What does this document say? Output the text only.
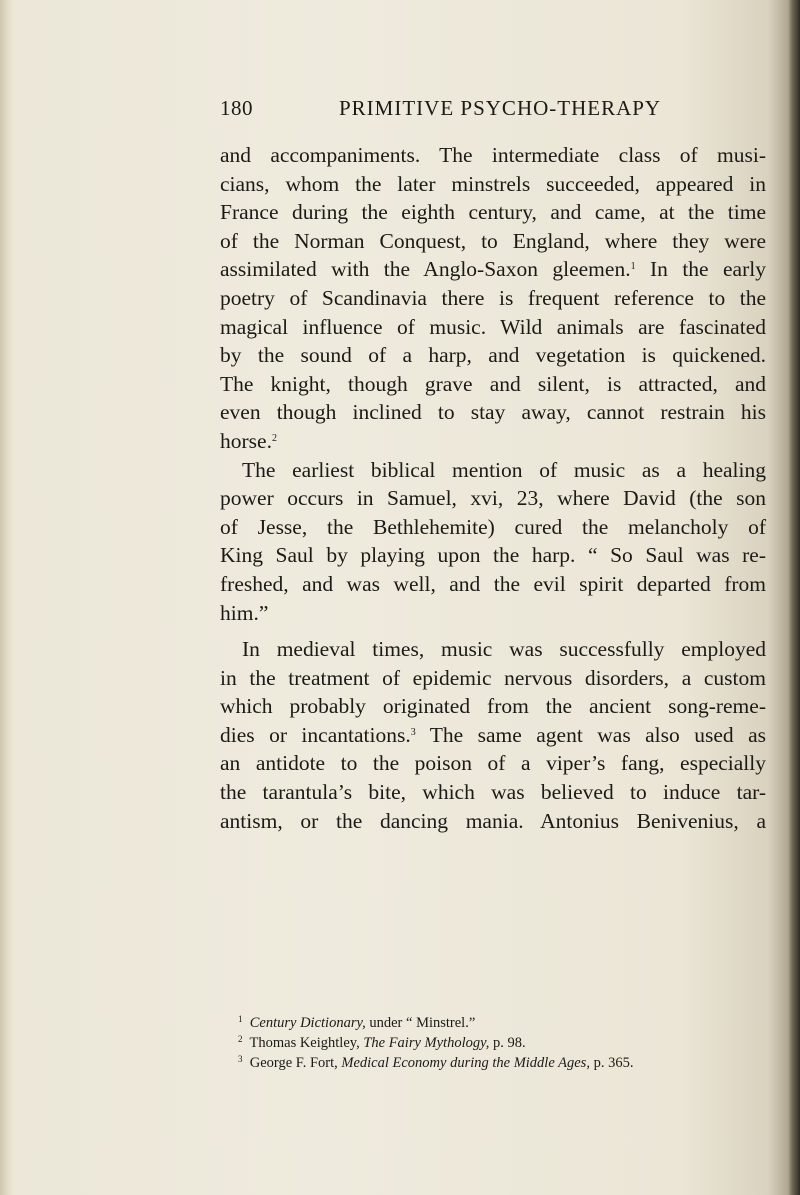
180	PRIMITIVE PSYCHO-THERAPY
and accompaniments. The intermediate class of musi-
cians, whom the later minstrels succeeded, appeared in
France during the eighth century, and came, at the time
of the Norman Conquest, to England, where they were
assimilated with the Anglo-Saxon gleemen.$^1$ In the early
poetry of Scandinavia there is frequent reference to the
magical influence of music. Wild animals are fascinated
by the sound of a harp, and vegetation is quickened.
The knight, though grave and silent, is attracted, and
even though inclined to stay away, cannot restrain his
horse.$^2$
The earliest biblical mention of music as a healing
power occurs in Samuel, xvi, 23, where David (the son
of Jesse, the Bethlehemite) cured the melancholy of
King Saul by playing upon the harp. “ So Saul was re-
freshed, and was well, and the evil spirit departed from
him.”
In medieval times, music was successfully employed
in the treatment of epidemic nervous disorders, a custom
which probably originated from the ancient song-reme-
dies or incantations.$^3$ The same agent was also used as
an antidote to the poison of a viper’s fang, especially
the tarantula’s bite, which was believed to induce tar-
antism, or the dancing mania. Antonius Benivenius, a
$^1$ Century Dictionary, under “ Minstrel.”
$^2$ Thomas Keightley, The Fairy Mythology, p. 98.
$^3$ George F. Fort, Medical Economy during the Middle Ages, p. 365.
